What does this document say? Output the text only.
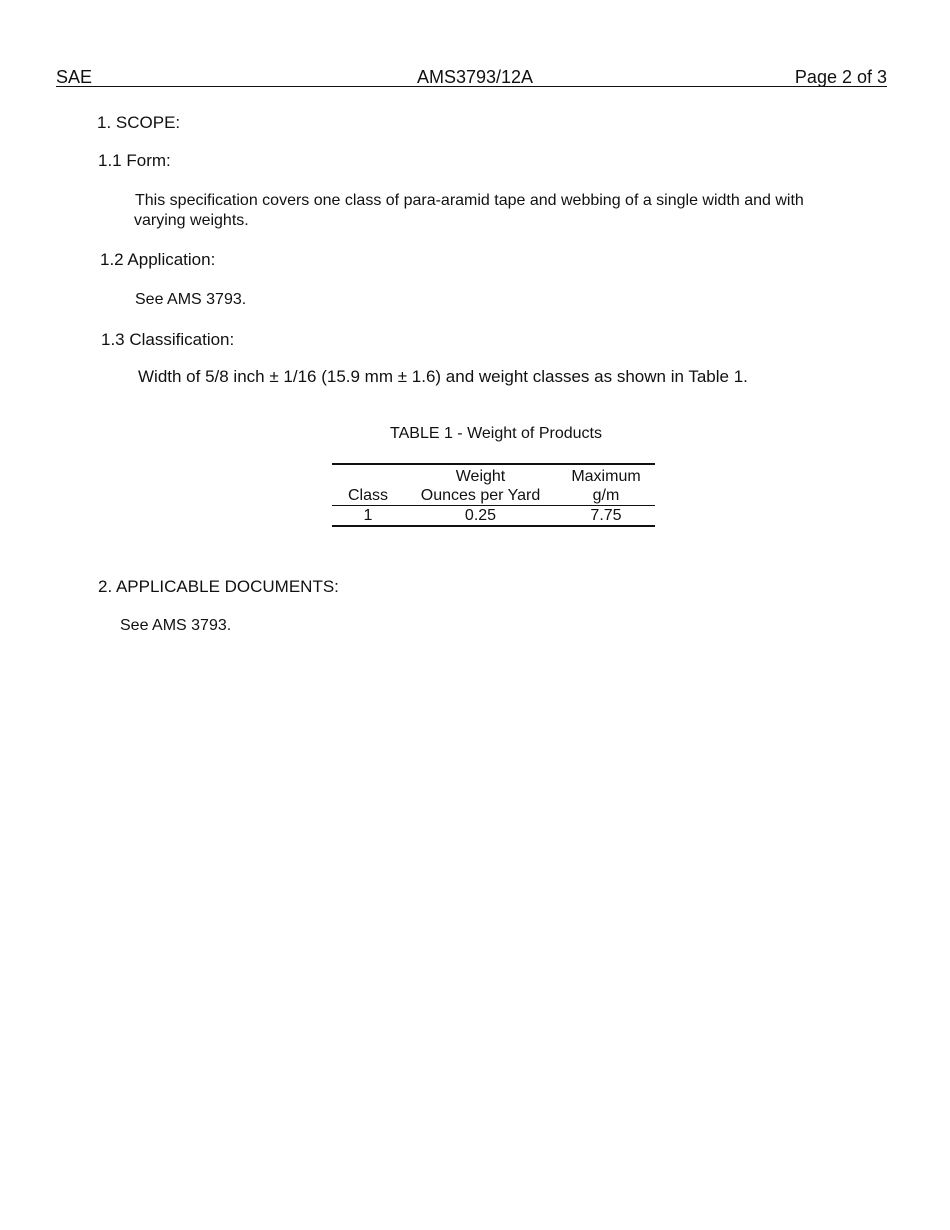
SAE	AMS3793/12A	Page 2 of 3
1. SCOPE:
1.1 Form:
This specification covers one class of para-aramid tape and webbing of a single width and with
varying weights.
1.2 Application:
See AMS 3793.
1.3 Classification:
Width of 5/8 inch ± 1/16 (15.9 mm ± 1.6) and weight classes as shown in Table 1.
TABLE 1 - Weight of Products
	Weight	Maximum
Class	Ounces per Yard	g/m
1	0.25	7.75
2. APPLICABLE DOCUMENTS:
See AMS 3793.
